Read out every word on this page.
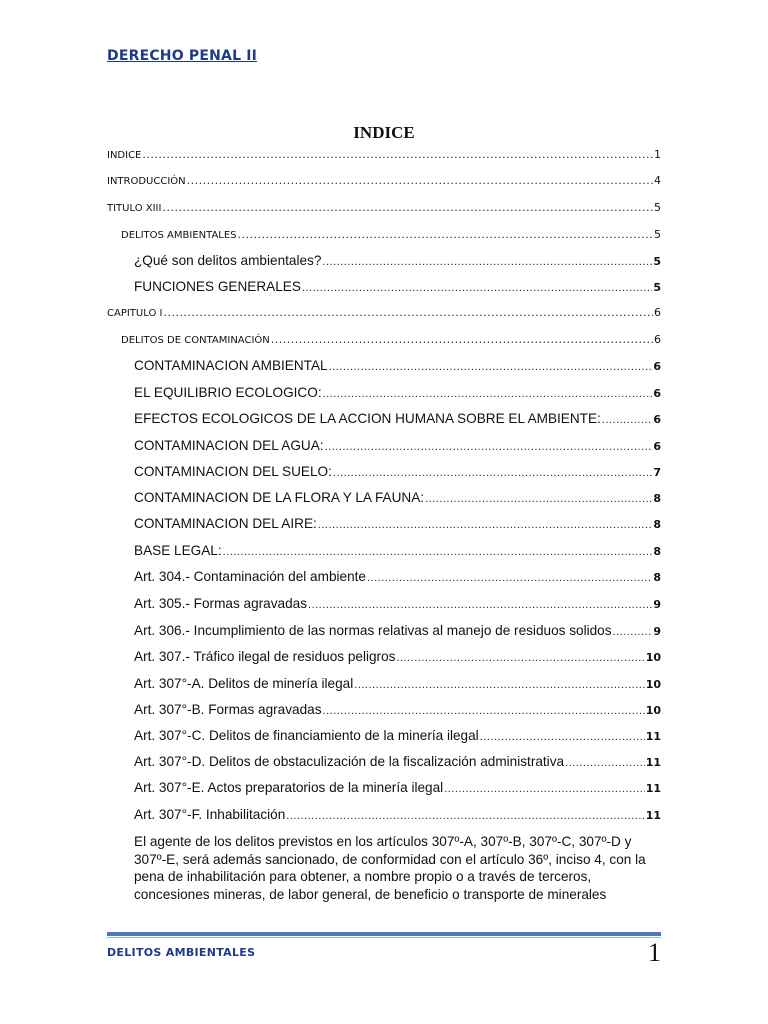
DERECHO PENAL II
INDICE
INDICE .....	1
INTRODUCCIÓN .....	4
TITULO XIII .....	5
DELITOS AMBIENTALES .....	5
¿Qué son delitos ambientales? .....	5
FUNCIONES GENERALES .....	5
CAPITULO I .....	6
DELITOS DE CONTAMINACIÓN .....	6
CONTAMINACION AMBIENTAL .....	6
EL EQUILIBRIO ECOLOGICO: .....	6
EFECTOS ECOLOGICOS DE LA ACCION HUMANA SOBRE EL AMBIENTE: .....	6
CONTAMINACION DEL AGUA: .....	6
CONTAMINACION DEL SUELO: .....	7
CONTAMINACION DE LA FLORA Y LA FAUNA: .....	8
CONTAMINACION DEL AIRE: .....	8
BASE LEGAL: .....	8
Art. 304.- Contaminación del ambiente .....	8
Art. 305.- Formas agravadas .....	9
Art. 306.- Incumplimiento de las normas relativas al manejo de residuos solidos .....	9
Art. 307.- Tráfico ilegal de residuos peligros .....	10
Art. 307°-A. Delitos de minería ilegal .....	10
Art. 307°-B. Formas agravadas .....	10
Art. 307°-C. Delitos de financiamiento de la minería ilegal .....	11
Art. 307°-D. Delitos de obstaculización de la fiscalización administrativa .....	11
Art. 307°-E. Actos preparatorios de la minería ilegal .....	11
Art. 307°-F. Inhabilitación .....	11
El agente de los delitos previstos en los artículos 307º-A, 307º-B, 307º-C, 307º-D y 307º-E, será además sancionado, de conformidad con el artículo 36º, inciso 4, con la pena de inhabilitación para obtener, a nombre propio o a través de terceros, concesiones mineras, de labor general, de beneficio o transporte de minerales
DELITOS AMBIENTALES	1
